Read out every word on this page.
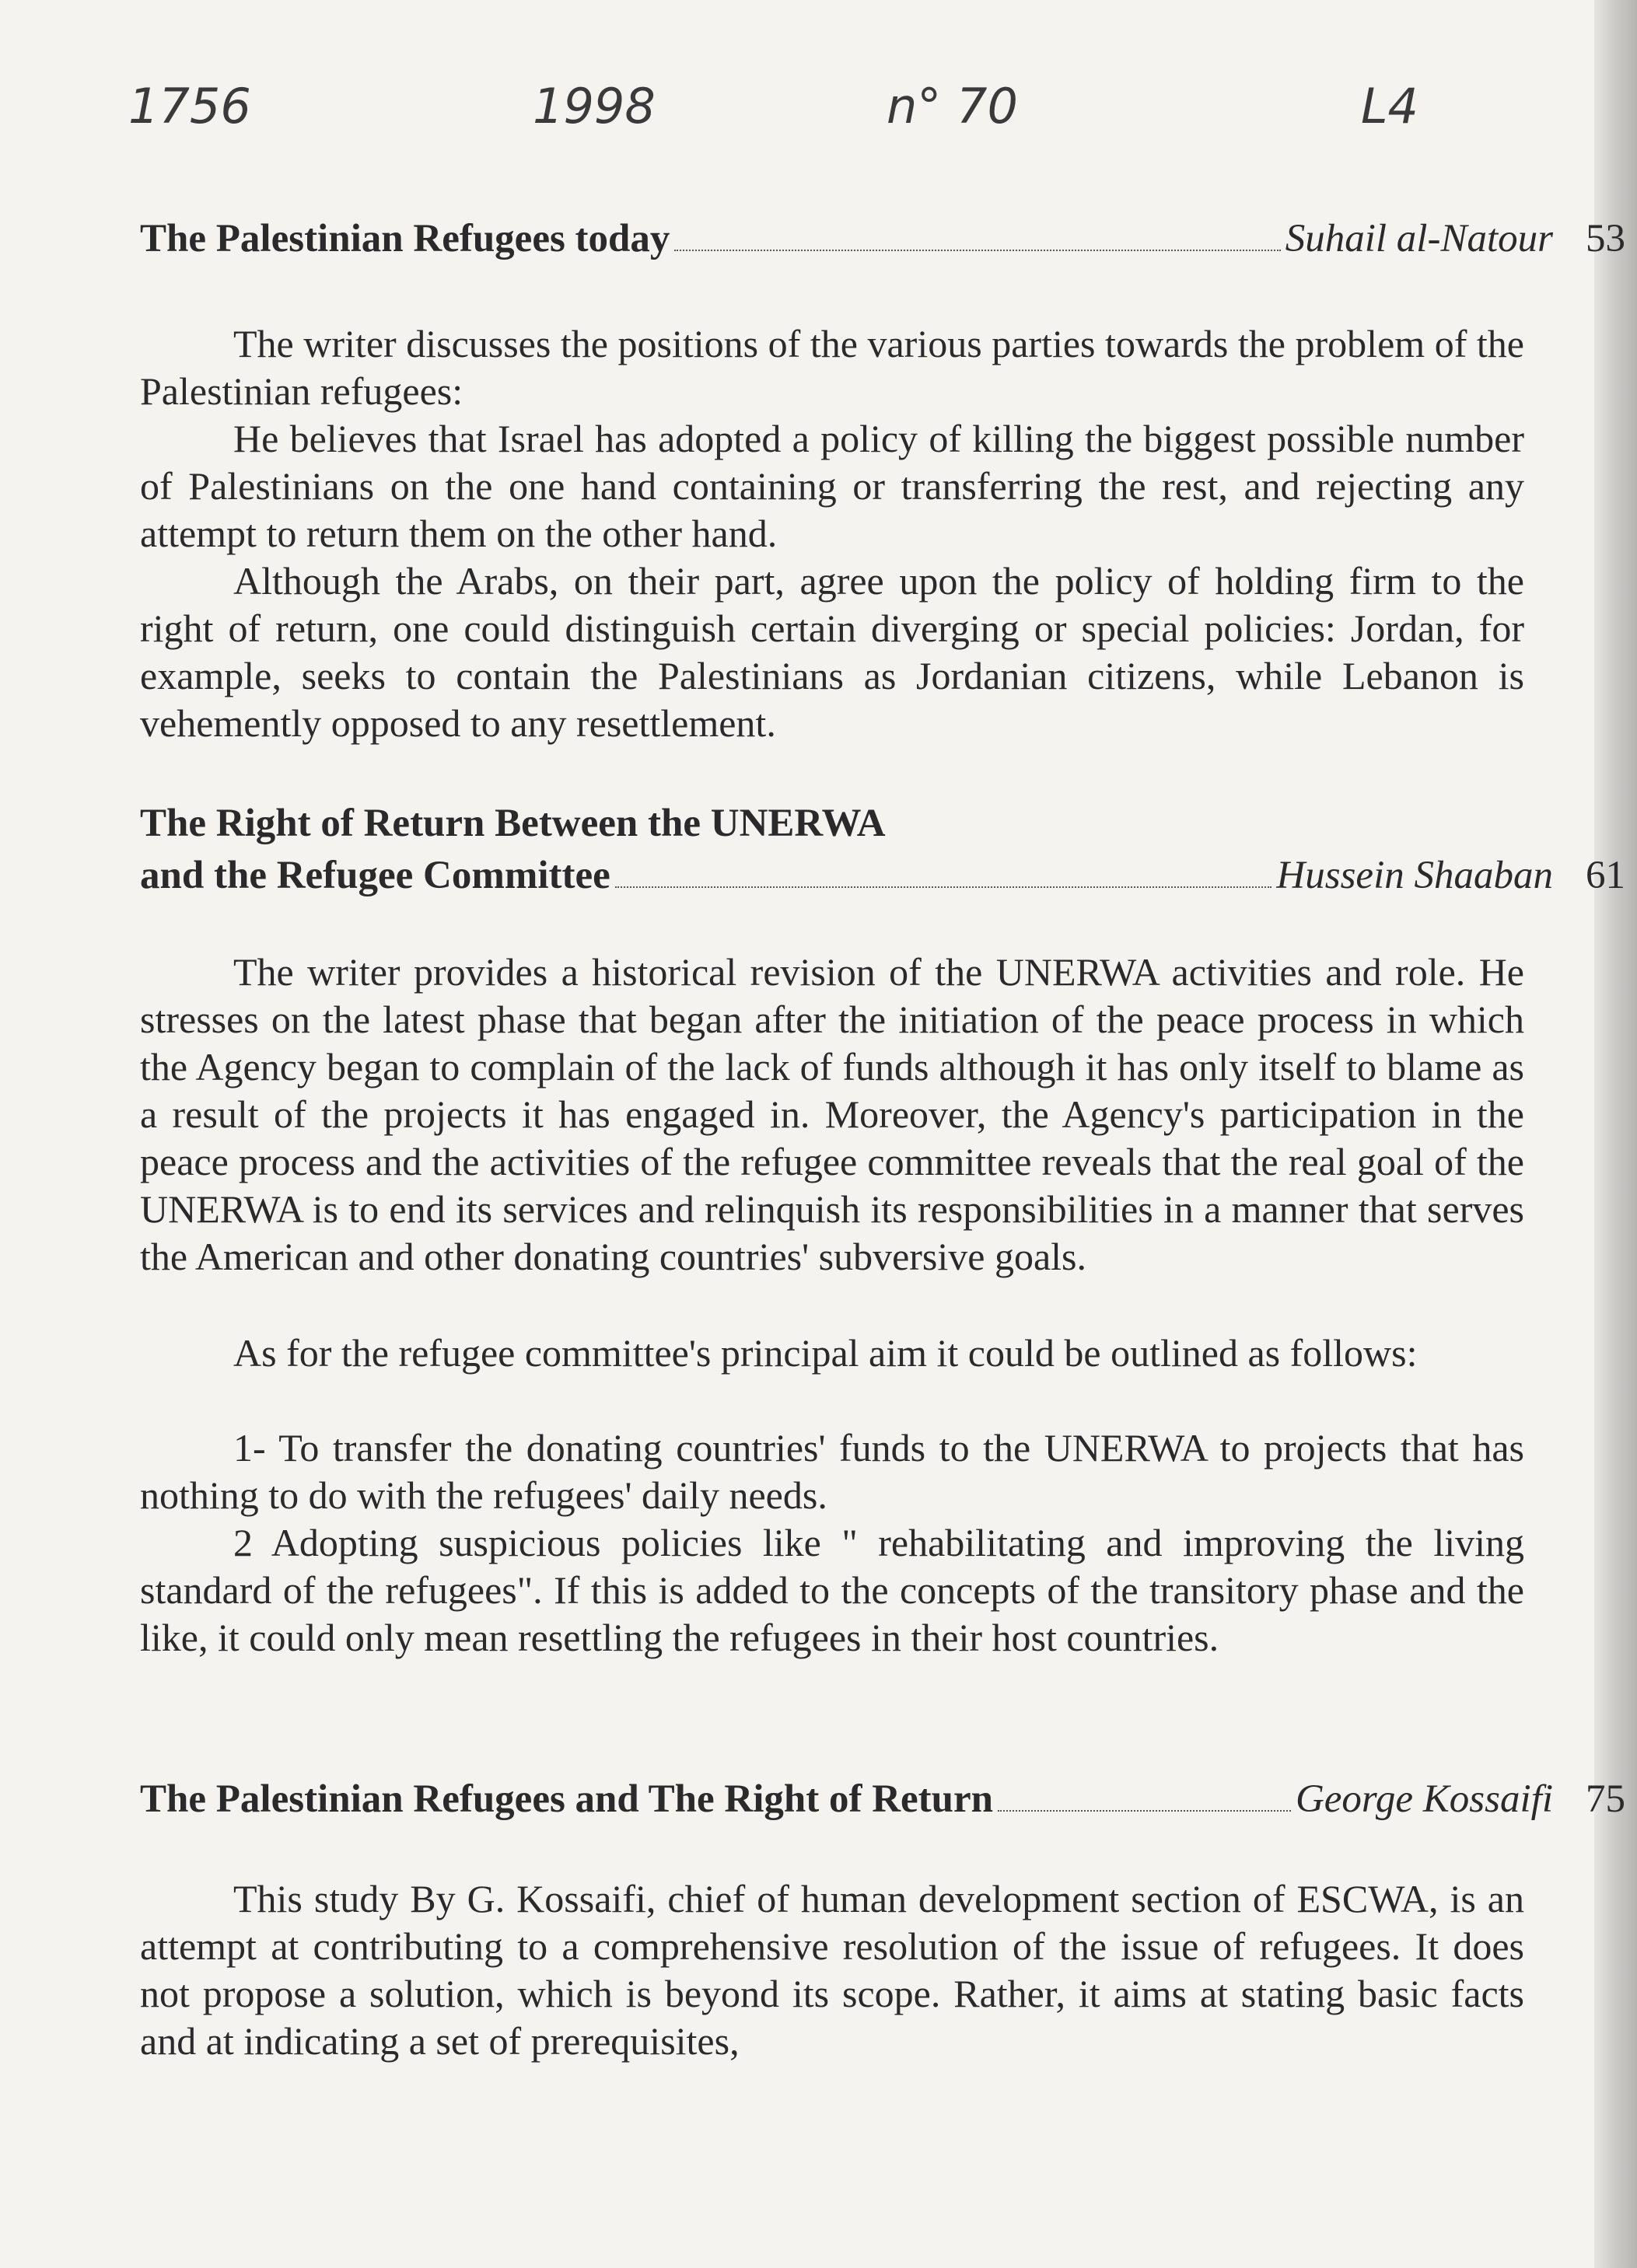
1756	1998	n° 70	L4
The Palestinian Refugees today	Suhail al-Natour 53

The writer discusses the positions of the various parties towards the problem of the Palestinian refugees:

He believes that Israel has adopted a policy of killing the biggest possible number of Palestinians on the one hand containing or transferring the rest, and rejecting any attempt to return them on the other hand.

Although the Arabs, on their part, agree upon the policy of holding firm to the right of return, one could distinguish certain diverging or special policies: Jordan, for example, seeks to contain the Palestinians as Jordanian citizens, while Lebanon is vehemently opposed to any resettlement.

The Right of Return Between the UNERWA
and the Refugee Committee	Hussein Shaaban 61

The writer provides a historical revision of the UNERWA activities and role. He stresses on the latest phase that began after the initiation of the peace process in which the Agency began to complain of the lack of funds although it has only itself to blame as a result of the projects it has engaged in. Moreover, the Agency's participation in the peace process and the activities of the refugee committee reveals that the real goal of the UNERWA is to end its services and relinquish its responsibilities in a manner that serves the American and other donating countries' subversive goals.

As for the refugee committee's principal aim it could be outlined as follows:

1- To transfer the donating countries' funds to the UNERWA to projects that has nothing to do with the refugees' daily needs.

2 Adopting suspicious policies like " rehabilitating and improving the living standard of the refugees". If this is added to the concepts of the transitory phase and the like, it could only mean resettling the refugees in their host countries.

The Palestinian Refugees and The Right of Return	George Kossaifi 75

This study By G. Kossaifi, chief of human development section of ESCWA, is an attempt at contributing to a comprehensive resolution of the issue of refugees. It does not propose a solution, which is beyond its scope. Rather, it aims at stating basic facts and at indicating a set of prerequisites,
